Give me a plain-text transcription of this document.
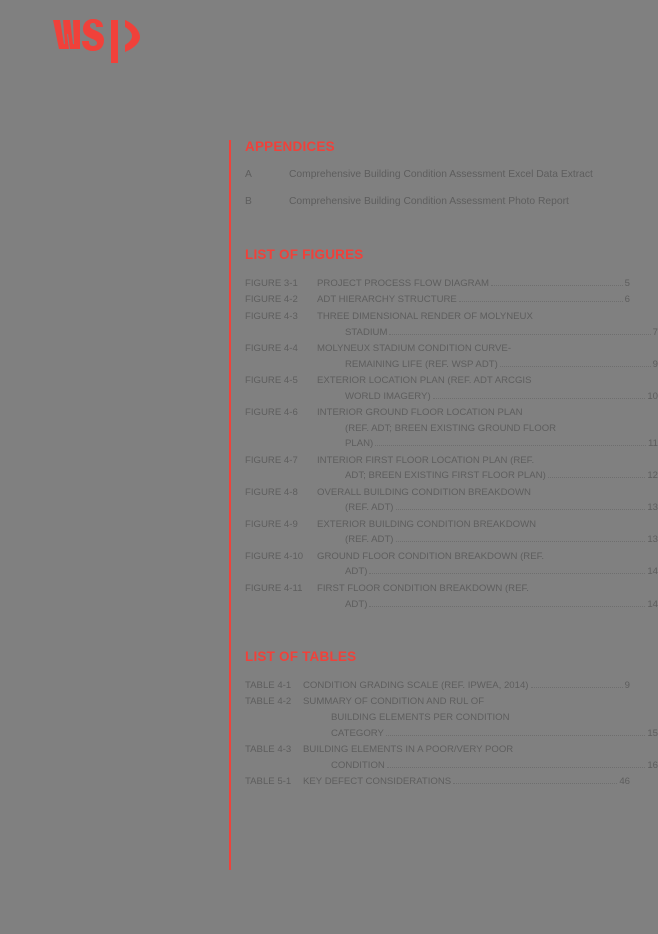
APPENDICES
A	Comprehensive Building Condition Assessment Excel Data Extract
B	Comprehensive Building Condition Assessment Photo Report
LIST OF FIGURES
FIGURE 3-1	PROJECT PROCESS FLOW DIAGRAM	5
FIGURE 4-2	ADT HIERARCHY STRUCTURE	6
FIGURE 4-3	THREE DIMENSIONAL RENDER OF MOLYNEUX
STADIUM	7
FIGURE 4-4	MOLYNEUX STADIUM CONDITION CURVE-
REMAINING LIFE (REF. WSP ADT)	9
FIGURE 4-5	EXTERIOR LOCATION PLAN (REF. ADT ARCGIS
WORLD IMAGERY)	10
FIGURE 4-6	INTERIOR GROUND FLOOR LOCATION PLAN
(REF. ADT; BREEN EXISTING GROUND FLOOR
PLAN)	11
FIGURE 4-7	INTERIOR FIRST FLOOR LOCATION PLAN (REF.
ADT; BREEN EXISTING FIRST FLOOR PLAN)	12
FIGURE 4-8	OVERALL BUILDING CONDITION BREAKDOWN
(REF. ADT)	13
FIGURE 4-9	EXTERIOR BUILDING CONDITION BREAKDOWN
(REF. ADT)	13
FIGURE 4-10	GROUND FLOOR CONDITION BREAKDOWN (REF.
ADT)	14
FIGURE 4-11	FIRST FLOOR CONDITION BREAKDOWN (REF.
ADT)	14
LIST OF TABLES
TABLE 4-1	CONDITION GRADING SCALE (REF. IPWEA, 2014)	9
TABLE 4-2	SUMMARY OF CONDITION AND RUL OF
BUILDING ELEMENTS PER CONDITION
CATEGORY	15
TABLE 4-3	BUILDING ELEMENTS IN A POOR/VERY POOR
CONDITION	16
TABLE 5-1	KEY DEFECT CONSIDERATIONS	46
